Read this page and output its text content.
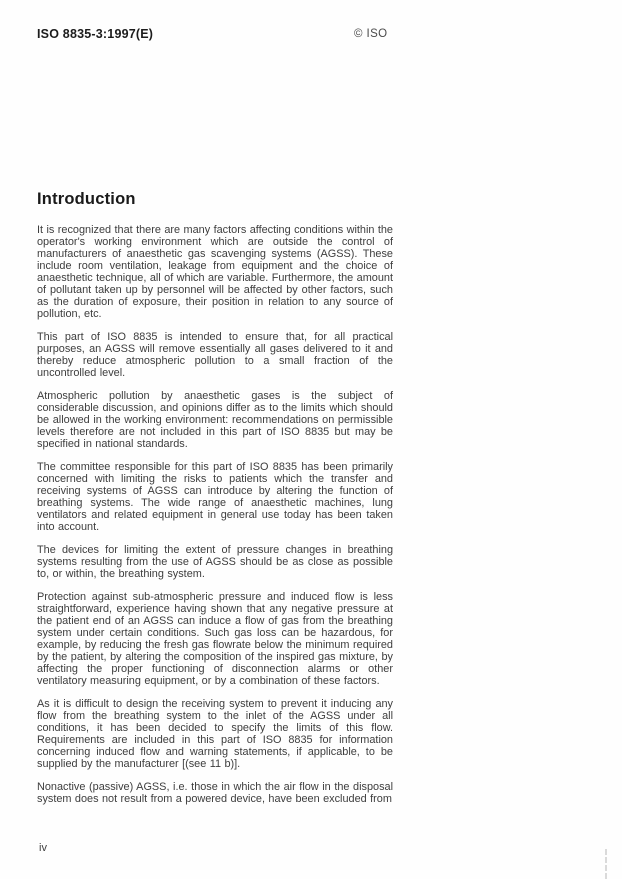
ISO 8835-3:1997(E)	© ISO
Introduction

It is recognized that there are many factors affecting conditions within the operator's working environment which are outside the control of manufacturers of anaesthetic gas scavenging systems (AGSS). These include room ventilation, leakage from equipment and the choice of anaesthetic technique, all of which are variable. Furthermore, the amount of pollutant taken up by personnel will be affected by other factors, such as the duration of exposure, their position in relation to any source of pollution, etc.

This part of ISO 8835 is intended to ensure that, for all practical purposes, an AGSS will remove essentially all gases delivered to it and thereby reduce atmospheric pollution to a small fraction of the uncontrolled level.

Atmospheric pollution by anaesthetic gases is the subject of considerable discussion, and opinions differ as to the limits which should be allowed in the working environment: recommendations on permissible levels therefore are not included in this part of ISO 8835 but may be specified in national standards.

The committee responsible for this part of ISO 8835 has been primarily concerned with limiting the risks to patients which the transfer and receiving systems of AGSS can introduce by altering the function of breathing systems. The wide range of anaesthetic machines, lung ventilators and related equipment in general use today has been taken into account.

The devices for limiting the extent of pressure changes in breathing systems resulting from the use of AGSS should be as close as possible to, or within, the breathing system.

Protection against sub-atmospheric pressure and induced flow is less straightforward, experience having shown that any negative pressure at the patient end of an AGSS can induce a flow of gas from the breathing system under certain conditions. Such gas loss can be hazardous, for example, by reducing the fresh gas flowrate below the minimum required by the patient, by altering the composition of the inspired gas mixture, by affecting the proper functioning of disconnection alarms or other ventilatory measuring equipment, or by a combination of these factors.

As it is difficult to design the receiving system to prevent it inducing any flow from the breathing system to the inlet of the AGSS under all conditions, it has been decided to specify the limits of this flow. Requirements are included in this part of ISO 8835 for information concerning induced flow and warning statements, if applicable, to be supplied by the manufacturer [(see 11 b)].

Nonactive (passive) AGSS, i.e. those in which the air flow in the disposal system does not result from a powered device, have been excluded from

iv
